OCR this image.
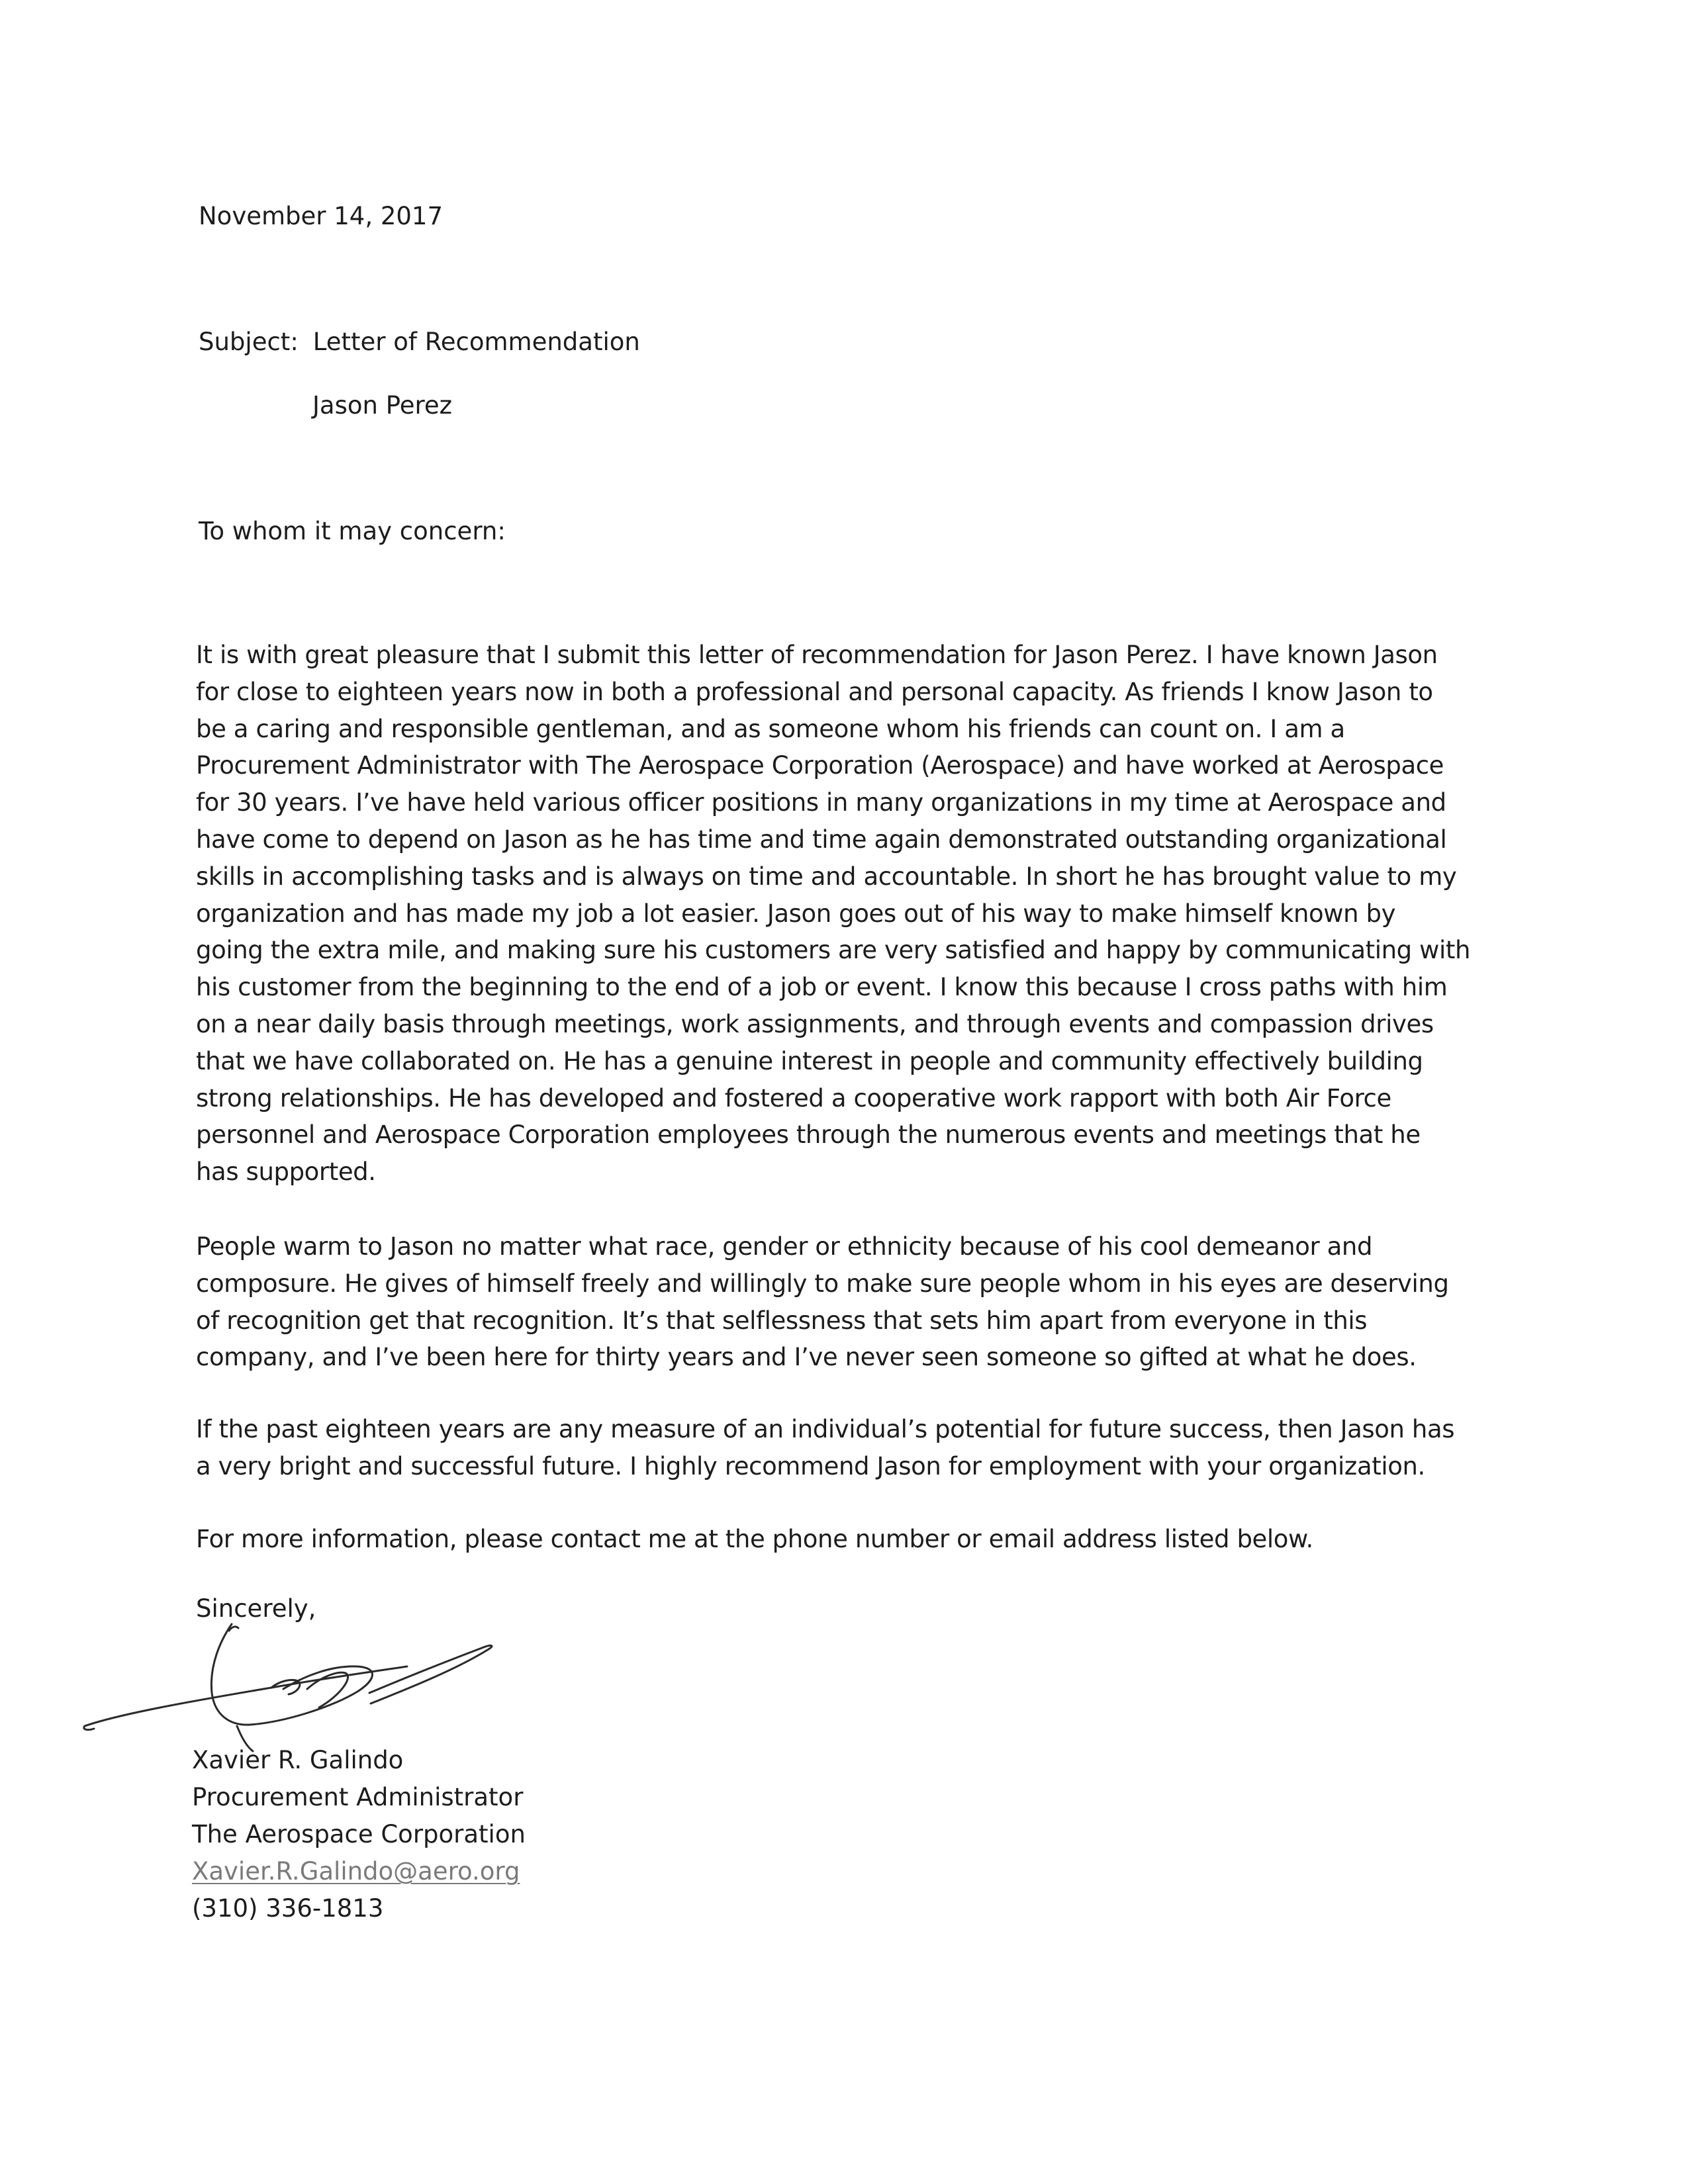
November 14, 2017
Subject: Letter of Recommendation
Jason Perez
To whom it may concern:
It is with great pleasure that I submit this letter of recommendation for Jason Perez. I have known Jason
for close to eighteen years now in both a professional and personal capacity. As friends I know Jason to
be a caring and responsible gentleman, and as someone whom his friends can count on. I am a
Procurement Administrator with The Aerospace Corporation (Aerospace) and have worked at Aerospace
for 30 years. I’ve have held various officer positions in many organizations in my time at Aerospace and
have come to depend on Jason as he has time and time again demonstrated outstanding organizational
skills in accomplishing tasks and is always on time and accountable. In short he has brought value to my
organization and has made my job a lot easier. Jason goes out of his way to make himself known by
going the extra mile, and making sure his customers are very satisfied and happy by communicating with
his customer from the beginning to the end of a job or event. I know this because I cross paths with him
on a near daily basis through meetings, work assignments, and through events and compassion drives
that we have collaborated on. He has a genuine interest in people and community effectively building
strong relationships. He has developed and fostered a cooperative work rapport with both Air Force
personnel and Aerospace Corporation employees through the numerous events and meetings that he
has supported.
People warm to Jason no matter what race, gender or ethnicity because of his cool demeanor and
composure. He gives of himself freely and willingly to make sure people whom in his eyes are deserving
of recognition get that recognition. It’s that selflessness that sets him apart from everyone in this
company, and I’ve been here for thirty years and I’ve never seen someone so gifted at what he does.
If the past eighteen years are any measure of an individual’s potential for future success, then Jason has
a very bright and successful future. I highly recommend Jason for employment with your organization.
For more information, please contact me at the phone number or email address listed below.
Sincerely,
Xavier R. Galindo
Procurement Administrator
The Aerospace Corporation
Xavier.R.Galindo@aero.org
(310) 336-1813
